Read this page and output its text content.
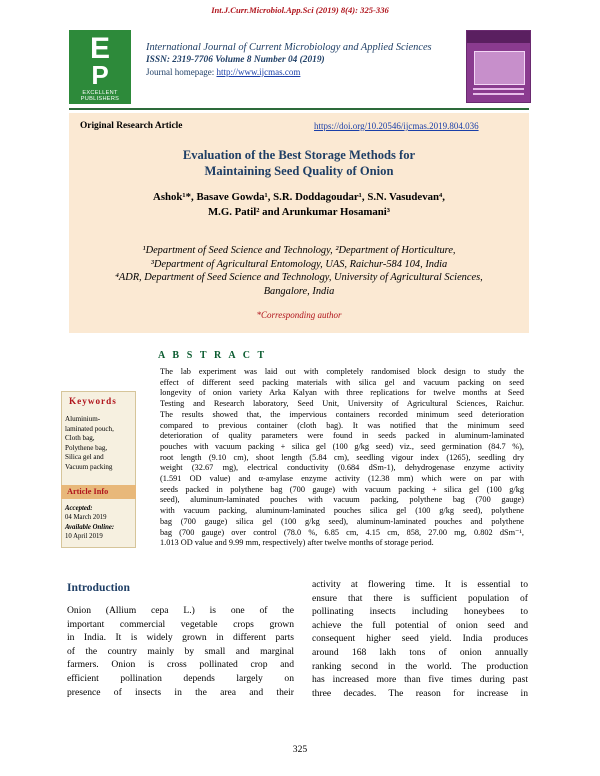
Int.J.Curr.Microbiol.App.Sci (2019) 8(4): 325-336
E
P
EXCELLENT
PUBLISHERS
International Journal of Current Microbiology and Applied Sciences
ISSN: 2319-7706 Volume 8 Number 04 (2019)
Journal homepage: http://www.ijcmas.com
Original Research Article	https://doi.org/10.20546/ijcmas.2019.804.036
Evaluation of the Best Storage Methods for
Maintaining Seed Quality of Onion
Ashok¹*, Basave Gowda¹, S.R. Doddagoudar¹, S.N. Vasudevan⁴,
M.G. Patil² and Arunkumar Hosamani³
¹Department of Seed Science and Technology, ²Department of Horticulture,
³Department of Agricultural Entomology, UAS, Raichur-584 104, India
⁴ADR, Department of Seed Science and Technology, University of Agricultural Sciences,
Bangalore, India
*Corresponding author
A B S T R A C T
Keywords
Aluminium-
laminated pouch,
Cloth bag,
Polythene bag,
Silica gel and
Vacuum packing
Article Info
Accepted:
04 March 2019
Available Online:
10 April 2019
The lab experiment was laid out with completely randomised block design to study the
effect of different seed packing materials with silica gel and vacuum packing on seed
longevity of onion variety Arka Kalyan with three replications for twelve months at Seed
Testing and Research laboratory, Seed Unit, University of Agricultural Sciences, Raichur.
The results showed that, the impervious containers recorded minimum seed deterioration
compared to previous container (cloth bag). It was notified that the minimum seed
deterioration of quality parameters were found in seeds packed in aluminum-laminated
pouches with vacuum packing + silica gel (100 g/kg seed) viz., seed germination (84.7 %),
root length (9.10 cm), shoot length (5.84 cm), seedling vigour index (1265), seedling dry
weight (32.67 mg), electrical conductivity (0.684 dSm-1), dehydrogenase enzyme activity
(1.591 OD value) and α-amylase enzyme activity (12.38 mm) which were on par with
seeds packed in polythene bag (700 gauge) with vacuum packing + silica gel (100 g/kg
seed), aluminum-laminated pouches with vacuum packing, polythene bag (700 gauge)
with vacuum packing, aluminum-laminated pouches silica gel (100 g/kg seed), polythene
bag (700 gauge) silica gel (100 g/kg seed), aluminum-laminated pouches and polythene
bag (700 gauge) over control (78.0 %, 6.85 cm, 4.15 cm, 858, 27.00 mg, 0.802 dSm⁻¹,
1.013 OD value and 9.99 mm, respectively) after twelve months of storage period.
Introduction
Onion (Allium cepa L.) is one of the
important commercial vegetable crops grown
in India. It is widely grown in different parts
of the country mainly by small and marginal
farmers. Onion is cross pollinated crop and
efficient pollination depends largely on
presence of insects in the area and their
activity at flowering time. It is essential to
ensure that there is sufficient population of
pollinating insects including honeybees to
achieve the full potential of onion seed and
consequent higher seed yield. India produces
around 168 lakh tons of onion annually
ranking second in the world. The production
has increased more than five times during past
three decades. The reason for increase in
325
